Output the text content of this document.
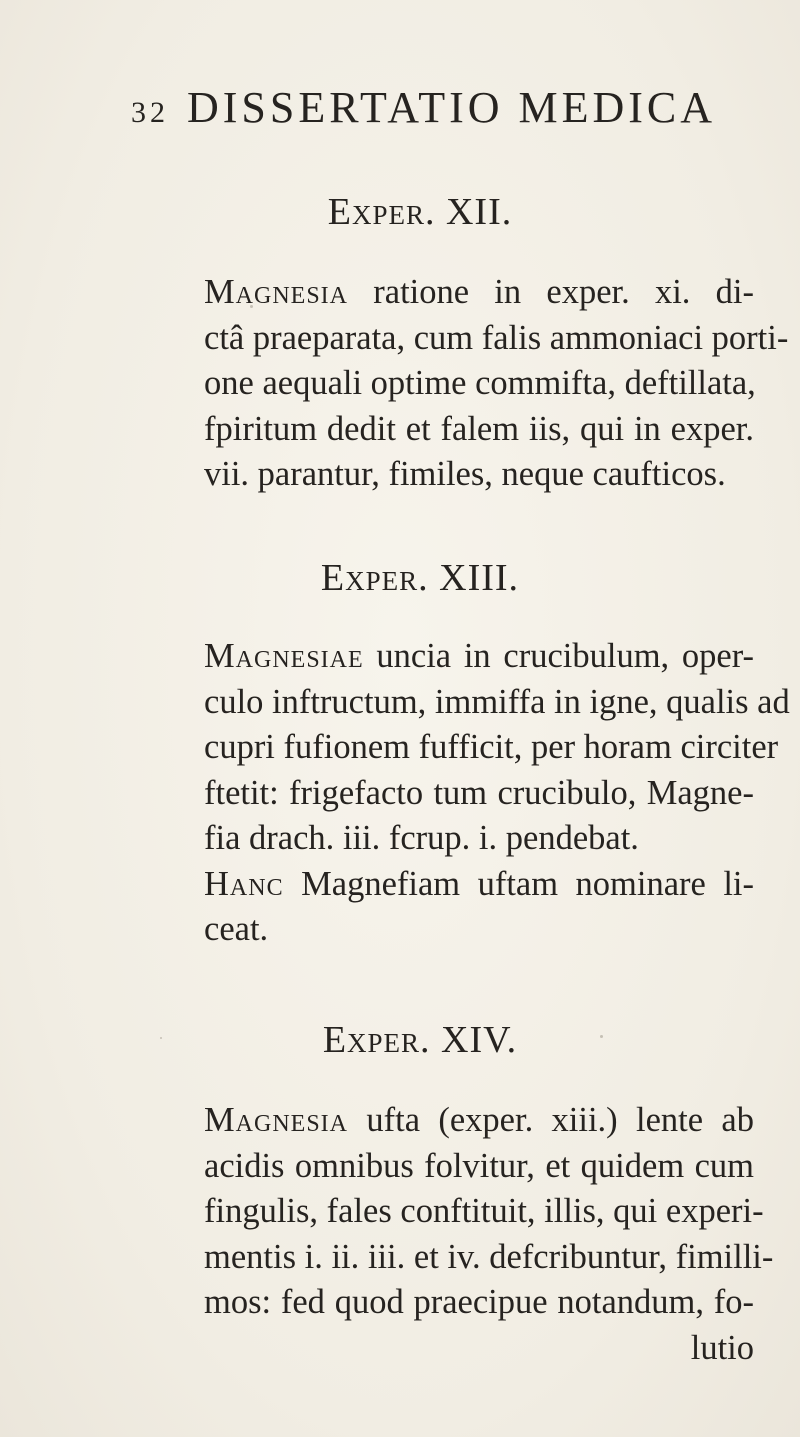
32 DISSERTATIO MEDICA
Exper. XII.
Magnesia ratione in exper. xi. di-
ctâ praeparata, cum falis ammoniaci porti-
one aequali optime commifta, deftillata,
fpiritum dedit et falem iis, qui in exper.
vii. parantur, fimiles, neque caufticos.
Exper. XIII.
Magnesiae uncia in crucibulum, oper-
culo inftructum, immiffa in igne, qualis ad
cupri fufionem fufficit, per horam circiter
ftetit: frigefacto tum crucibulo, Magne-
fia drach. iii. fcrup. i. pendebat.
Hanc Magnefiam uftam nominare li-
ceat.
Exper. XIV.
Magnesia ufta (exper. xiii.) lente ab
acidis omnibus folvitur, et quidem cum
fingulis, fales conftituit, illis, qui experi-
mentis i. ii. iii. et iv. defcribuntur, fimilli-
mos: fed quod praecipue notandum, fo-
lutio
